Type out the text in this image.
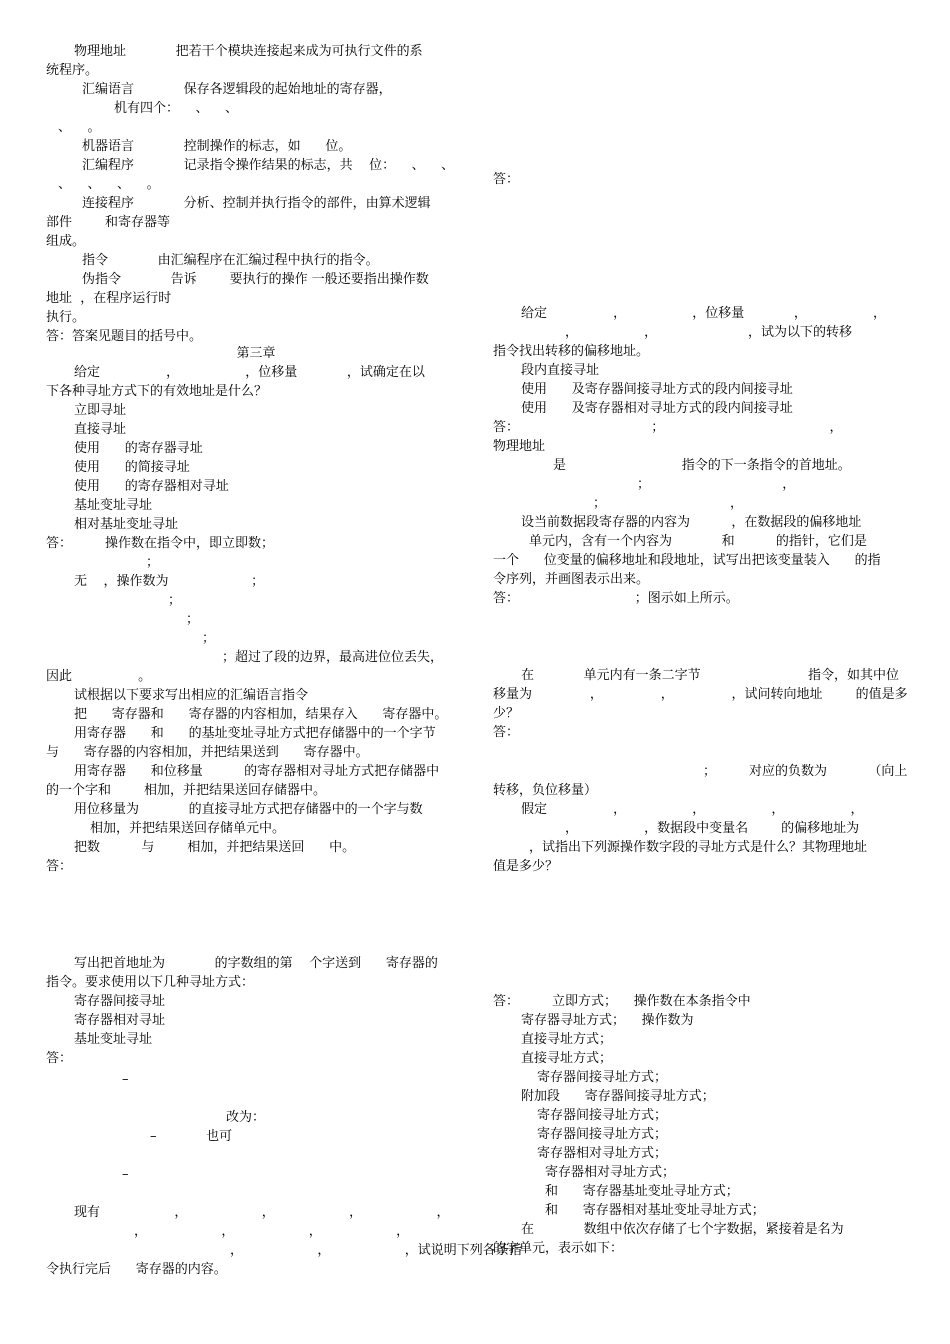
物理地址            把若干个模块连接起来成为可执行文件的系
统程序。
汇编语言            保存各逻辑段的起始地址的寄存器，
机有四个：    、    、
、    。
机器语言            控制操作的标志，如      位。
汇编程序            记录指令操作结果的标志，共    位：    、    、
、    、    、    。
连接程序            分析、控制并执行指令的部件，由算术逻辑
部件        和寄存器等
组成。
指令            由汇编程序在汇编过程中执行的指令。
伪指令            告诉        要执行的操作 一般还要指出操作数
地址  ，在程序运行时
执行。
答：答案见题目的括号中。
第三章
给定                ，                ，位移量            ，试确定在以
下各种寻址方式下的有效地址是什么？
立即寻址
直接寻址
使用      的寄存器寻址
使用      的简接寻址
使用      的寄存器相对寻址
基址变址寻址
相对基址变址寻址
答：        操作数在指令中，即立即数；
；
无    ，操作数为                    ；
；
；
；
；超过了段的边界，最高进位位丢失，
因此                。
试根据以下要求写出相应的汇编语言指令
把      寄存器和      寄存器的内容相加，结果存入      寄存器中。
用寄存器      和      的基址变址寻址方式把存储器中的一个字节
与      寄存器的内容相加，并把结果送到      寄存器中。
用寄存器      和位移量          的寄存器相对寻址方式把存储器中
的一个字和        相加，并把结果送回存储器中。
用位移量为            的直接寻址方式把存储器中的一个字与数
相加，并把结果送回存储单元中。
把数          与        相加，并把结果送回      中。
答：
写出把首地址为            的字数组的第    个字送到      寄存器的
指令。要求使用以下几种寻址方式：
寄存器间接寻址
寄存器相对寻址
基址变址寻址
答：
–
改为：
–            也可
–
现有                  ，                  ，                  ，                  ，
，                  ，                  ，                  ，
，                  ，                  ，试说明下列各条指
令执行完后      寄存器的内容。
答：
给定                ，                ，位移量            ，                ，
，                ，                      ，试为以下的转移
指令找出转移的偏移地址。
段内直接寻址
使用      及寄存器间接寻址方式的段内间接寻址
使用      及寄存器相对寻址方式的段内间接寻址
答：                                ；                                        ，
物理地址
是                            指令的下一条指令的首地址。
；                                ，
；                              ，
设当前数据段寄存器的内容为          ，在数据段的偏移地址
单元内，含有一个内容为            和          的指针，它们是
一个      位变量的偏移地址和段地址，试写出把该变量装入      的指
令序列，并画图表示出来。
答：                            ；图示如上所示。
在            单元内有一条二字节                          指令，如其中位
移量为              ，              ，              ，试问转向地址        的值是多
少？
答：
；        对应的负数为          （向上
转移，负位移量）
假定                ，                ，                ，                ，
，                ，数据段中变量名        的偏移地址为
，试指出下列源操作数字段的寻址方式是什么？其物理地址
值是多少？
答：        立即方式；    操作数在本条指令中
寄存器寻址方式；    操作数为
直接寻址方式；
直接寻址方式；
寄存器间接寻址方式；
附加段      寄存器间接寻址方式；
寄存器间接寻址方式；
寄存器间接寻址方式；
寄存器相对寻址方式；
寄存器相对寻址方式；
和      寄存器基址变址寻址方式；
和      寄存器相对基址变址寻址方式；
在            数组中依次存储了七个字数据，紧接着是名为
的字单元，表示如下：
